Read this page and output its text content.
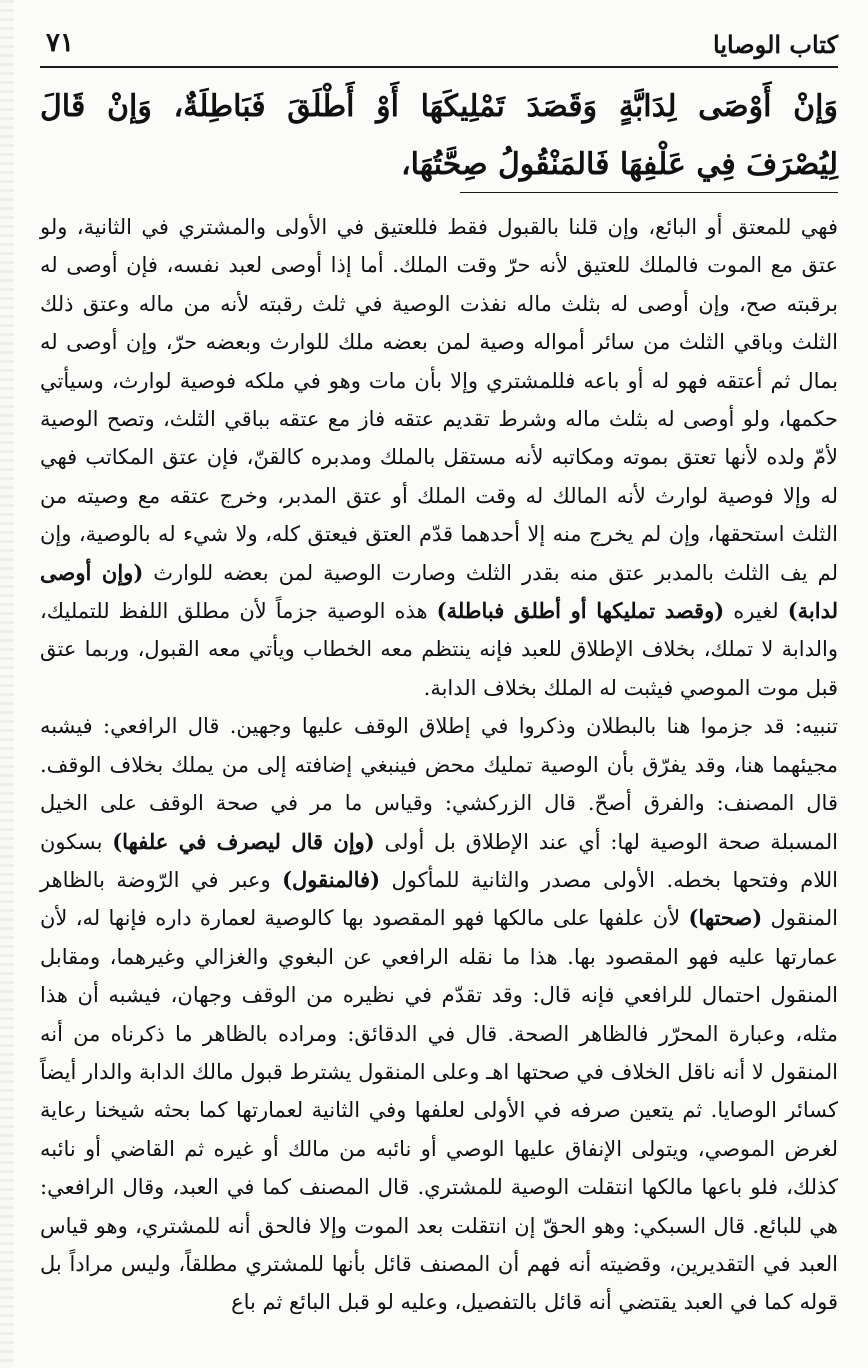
كتاب الوصايا
٧١

وَإنْ أَوْصَى لِدَابَّةٍ وَقَصَدَ تَمْلِيكَهَا أَوْ أَطْلَقَ فَبَاطِلَةٌ، وَإنْ قَالَ لِيُصْرَفَ فِي عَلْفِهَا فَالمَنْقُولُ صِحَّتُهَا،

فهي للمعتق أو البائع، وإن قلنا بالقبول فقط فللعتيق في الأولى والمشتري في الثانية، ولو عتق مع الموت فالملك للعتيق لأنه حرّ وقت الملك. أما إذا أوصى لعبد نفسه، فإن أوصى له برقبته صح، وإن أوصى له بثلث ماله نفذت الوصية في ثلث رقبته لأنه من ماله وعتق ذلك الثلث وباقي الثلث من سائر أمواله وصية لمن بعضه ملك للوارث وبعضه حرّ، وإن أوصى له بمال ثم أعتقه فهو له أو باعه فللمشتري وإلا بأن مات وهو في ملكه فوصية لوارث، وسيأتي حكمها، ولو أوصى له بثلث ماله وشرط تقديم عتقه فاز مع عتقه بباقي الثلث، وتصح الوصية لأمّ ولده لأنها تعتق بموته ومكاتبه لأنه مستقل بالملك ومدبره كالقنّ، فإن عتق المكاتب فهي له وإلا فوصية لوارث لأنه المالك له وقت الملك أو عتق المدبر، وخرج عتقه مع وصيته من الثلث استحقها، وإن لم يخرج منه إلا أحدهما قدّم العتق فيعتق كله، ولا شيء له بالوصية، وإن لم يف الثلث بالمدبر عتق منه بقدر الثلث وصارت الوصية لمن بعضه للوارث (وإن أوصى لدابة) لغيره (وقصد تمليكها أو أطلق فباطلة) هذه الوصية جزماً لأن مطلق اللفظ للتمليك، والدابة لا تملك، بخلاف الإطلاق للعبد فإنه ينتظم معه الخطاب ويأتي معه القبول، وربما عتق قبل موت الموصي فيثبت له الملك بخلاف الدابة.

تنبيه: قد جزموا هنا بالبطلان وذكروا في إطلاق الوقف عليها وجهين. قال الرافعي: فيشبه مجيئهما هنا، وقد يفرّق بأن الوصية تمليك محض فينبغي إضافته إلى من يملك بخلاف الوقف. قال المصنف: والفرق أصحّ. قال الزركشي: وقياس ما مر في صحة الوقف على الخيل المسبلة صحة الوصية لها: أي عند الإطلاق بل أولى (وإن قال ليصرف في علفها) بسكون اللام وفتحها بخطه. الأولى مصدر والثانية للمأكول (فالمنقول) وعبر في الرّوضة بالظاهر المنقول (صحتها) لأن علفها على مالكها فهو المقصود بها كالوصية لعمارة داره فإنها له، لأن عمارتها عليه فهو المقصود بها. هذا ما نقله الرافعي عن البغوي والغزالي وغيرهما، ومقابل المنقول احتمال للرافعي فإنه قال: وقد تقدّم في نظيره من الوقف وجهان، فيشبه أن هذا مثله، وعبارة المحرّر فالظاهر الصحة. قال في الدقائق: ومراده بالظاهر ما ذكرناه من أنه المنقول لا أنه ناقل الخلاف في صحتها اهـ وعلى المنقول يشترط قبول مالك الدابة والدار أيضاً كسائر الوصايا. ثم يتعين صرفه في الأولى لعلفها وفي الثانية لعمارتها كما بحثه شيخنا رعاية لغرض الموصي، ويتولى الإنفاق عليها الوصي أو نائبه من مالك أو غيره ثم القاضي أو نائبه كذلك، فلو باعها مالكها انتقلت الوصية للمشتري. قال المصنف كما في العبد، وقال الرافعي: هي للبائع. قال السبكي: وهو الحقّ إن انتقلت بعد الموت وإلا فالحق أنه للمشتري، وهو قياس العبد في التقديرين، وقضيته أنه فهم أن المصنف قائل بأنها للمشتري مطلقاً، وليس مراداً بل قوله كما في العبد يقتضي أنه قائل بالتفصيل، وعليه لو قبل البائع ثم باع
